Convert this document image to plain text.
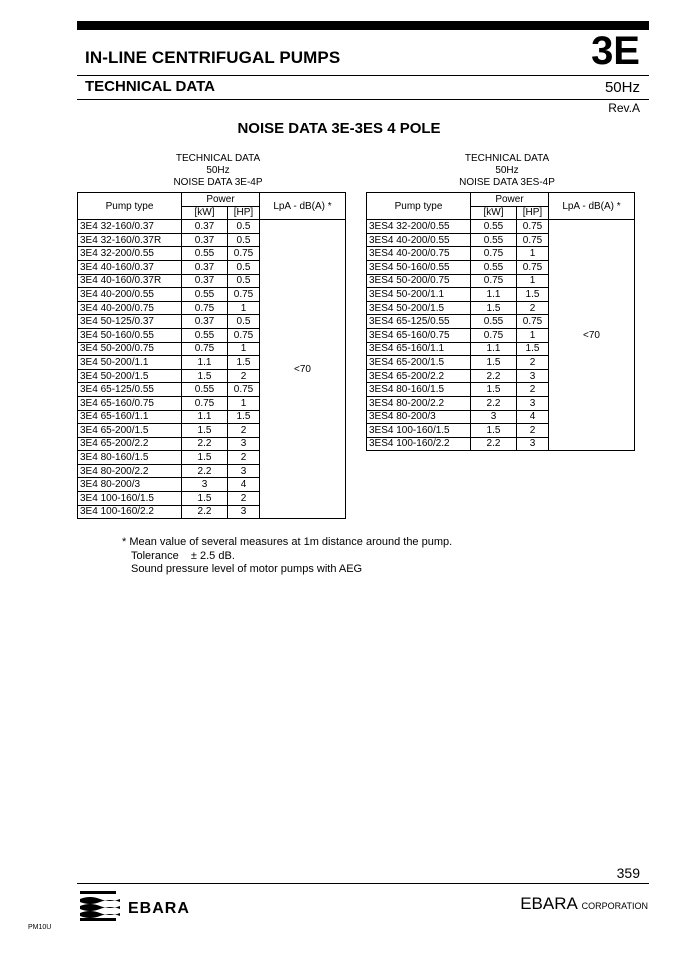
IN-LINE CENTRIFUGAL PUMPS	3E
TECHNICAL DATA	50Hz
Rev.A
NOISE DATA 3E-3ES 4 POLE
TECHNICAL DATA
50Hz
NOISE DATA 3E-4P
TECHNICAL DATA
50Hz
NOISE DATA 3ES-4P
Pump type	Power		LpA - dB(A) *
	[kW]	[HP]	
3E4 32-160/0.37	0.37	0.5	<70
3E4 32-160/0.37R	0.37	0.5	
3E4 32-200/0.55	0.55	0.75	
3E4 40-160/0.37	0.37	0.5	
3E4 40-160/0.37R	0.37	0.5	
3E4 40-200/0.55	0.55	0.75	
3E4 40-200/0.75	0.75	1	
3E4 50-125/0.37	0.37	0.5	
3E4 50-160/0.55	0.55	0.75	
3E4 50-200/0.75	0.75	1	
3E4 50-200/1.1	1.1	1.5	
3E4 50-200/1.5	1.5	2	
3E4 65-125/0.55	0.55	0.75	
3E4 65-160/0.75	0.75	1	
3E4 65-160/1.1	1.1	1.5	
3E4 65-200/1.5	1.5	2	
3E4 65-200/2.2	2.2	3	
3E4 80-160/1.5	1.5	2	
3E4 80-200/2.2	2.2	3	
3E4 80-200/3	3	4	
3E4 100-160/1.5	1.5	2	
3E4 100-160/2.2	2.2	3	
Pump type	Power		LpA - dB(A) *
	[kW]	[HP]	
3ES4 32-200/0.55	0.55	0.75	<70
3ES4 40-200/0.55	0.55	0.75	
3ES4 40-200/0.75	0.75	1	
3ES4 50-160/0.55	0.55	0.75	
3ES4 50-200/0.75	0.75	1	
3ES4 50-200/1.1	1.1	1.5	
3ES4 50-200/1.5	1.5	2	
3ES4 65-125/0.55	0.55	0.75	
3ES4 65-160/0.75	0.75	1	
3ES4 65-160/1.1	1.1	1.5	
3ES4 65-200/1.5	1.5	2	
3ES4 65-200/2.2	2.2	3	
3ES4 80-160/1.5	1.5	2	
3ES4 80-200/2.2	2.2	3	
3ES4 80-200/3	3	4	
3ES4 100-160/1.5	1.5	2	
3ES4 100-160/2.2	2.2	3	
* Mean value of several measures at 1m distance around the pump.
Tolerance    ± 2.5 dB.
Sound pressure level of motor pumps with AEG
359
EBARA	EBARA CORPORATION
PM10U
